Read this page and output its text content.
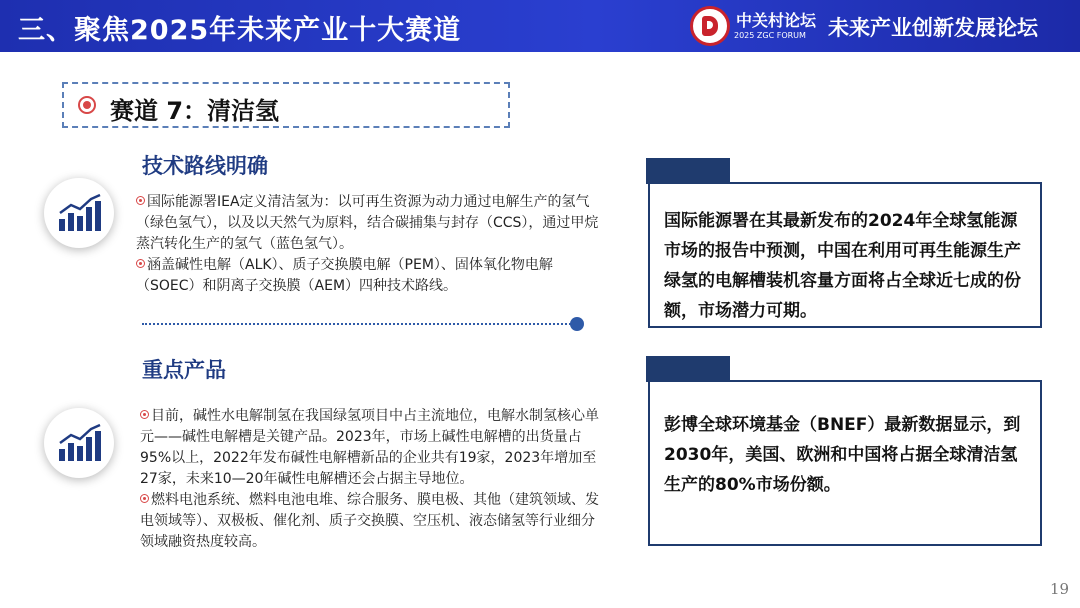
三、聚焦2025年未来产业十大赛道	中关村论坛
2025 ZGC FORUM 未来产业创新发展论坛
赛道 7：清洁氢
技术路线明确

国际能源署IEA定义清洁氢为：以可再生资源为动力通过电解生产的氢气（绿色氢气），以及以天然气为原料，结合碳捕集与封存（CCS），通过甲烷蒸汽转化生产的氢气（蓝色氢气）。

涵盖碱性电解（ALK）、质子交换膜电解（PEM）、固体氧化物电解（SOEC）和阴离子交换膜（AEM）四种技术路线。

重点产品

目前，碱性水电解制氢在我国绿氢项目中占主流地位，电解水制氢核心单元——碱性电解槽是关键产品。2023年，市场上碱性电解槽的出货量占95%以上，2022年发布碱性电解槽新品的企业共有19家，2023年增加至27家，未来10—20年碱性电解槽还会占据主导地位。

燃料电池系统、燃料电池电堆、综合服务、膜电极、其他（建筑领域、发电领域等）、双极板、催化剂、质子交换膜、空压机、液态储氢等行业细分领域融资热度较高。

国际能源署在其最新发布的2024年全球氢能源市场的报告中预测，中国在利用可再生能源生产绿氢的电解槽装机容量方面将占全球近七成的份额，市场潜力可期。
彭博全球环境基金（BNEF）最新数据显示，到2030年，美国、欧洲和中国将占据全球清洁氢生产的80%市场份额。
19
